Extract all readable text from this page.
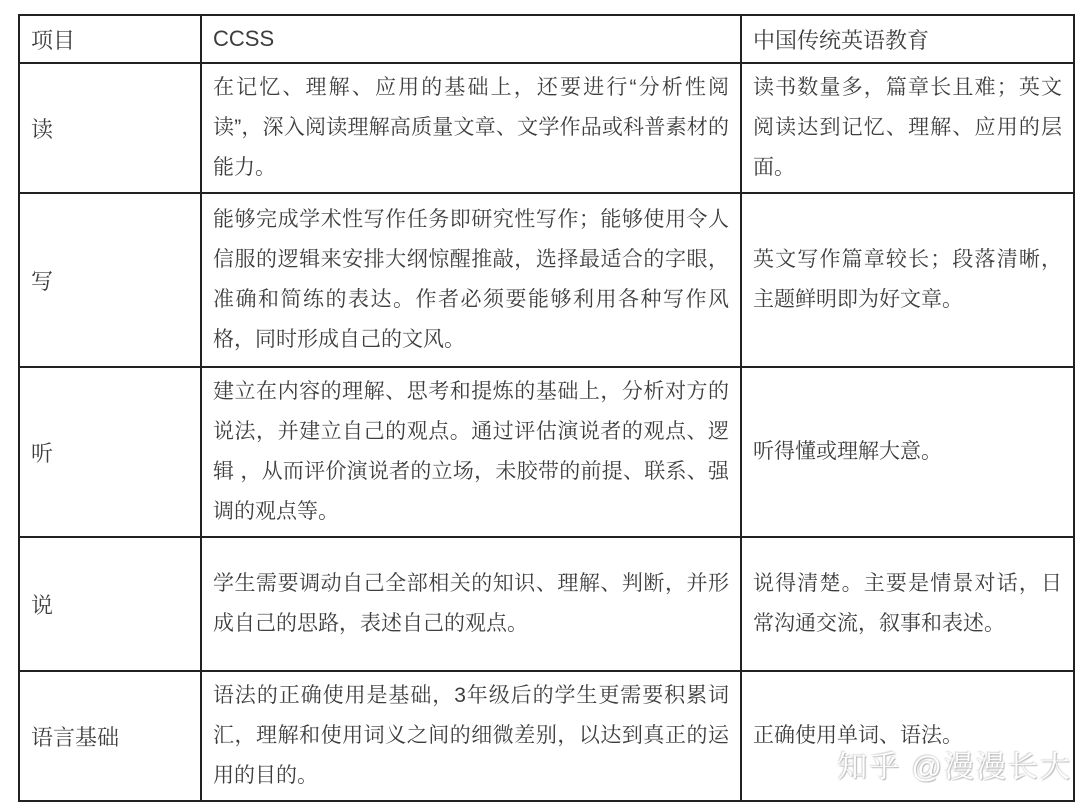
项目	CCSS	中国传统英语教育
读	在记忆、理解、应用的基础上，还要进行“分析性阅读”，深入阅读理解高质量文章、文学作品或科普素材的能力。	读书数量多，篇章长且难；英文阅读达到记忆、理解、应用的层面。
写	能够完成学术性写作任务即研究性写作；能够使用令人信服的逻辑来安排大纲惊醒推敲，选择最适合的字眼，准确和简练的表达。作者必须要能够利用各种写作风格，同时形成自己的文风。	英文写作篇章较长；段落清晰，主题鲜明即为好文章。
听	建立在内容的理解、思考和提炼的基础上，分析对方的说法，并建立自己的观点。通过评估演说者的观点、逻辑 ，从而评价演说者的立场，未胶带的前提、联系、强调的观点等。	听得懂或理解大意。
说	学生需要调动自己全部相关的知识、理解、判断，并形成自己的思路，表述自己的观点。	说得清楚。主要是情景对话，日常沟通交流，叙事和表述。
语言基础	语法的正确使用是基础，3年级后的学生更需要积累词汇，理解和使用词义之间的细微差别，以达到真正的运用的目的。	正确使用单词、语法。
知乎 @漫漫长大
